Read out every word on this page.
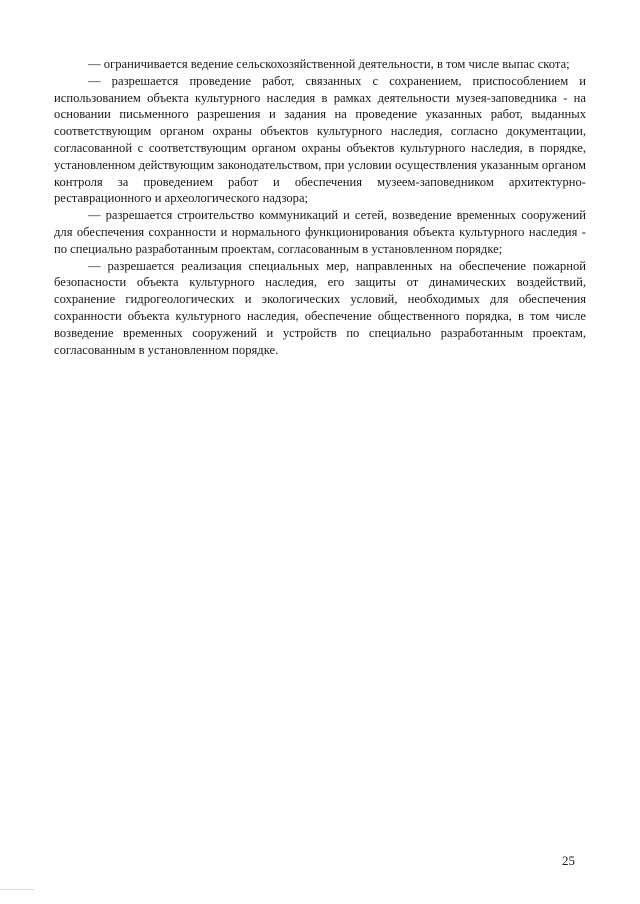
— ограничивается ведение сельскохозяйственной деятельности, в том числе выпас скота;

— разрешается проведение работ, связанных с сохранением, приспособлением и использованием объекта культурного наследия в рамках деятельности музея-заповедника - на основании письменного разрешения и задания на проведение указанных работ, выданных соответствующим органом охраны объектов культурного наследия, согласно документации, согласованной с соответствующим органом охраны объектов культурного наследия, в порядке, установленном действующим законодательством, при условии осуществления указанным органом контроля за проведением работ и обеспечения музеем-заповедником архитектурно-реставрационного и археологического надзора;

— разрешается строительство коммуникаций и сетей, возведение временных сооружений для обеспечения сохранности и нормального функционирования объекта культурного наследия - по специально разработанным проектам, согласованным в установленном порядке;

— разрешается реализация специальных мер, направленных на обеспечение пожарной безопасности объекта культурного наследия, его защиты от динамических воздействий, сохранение гидрогеологических и экологических условий, необходимых для обеспечения сохранности объекта культурного наследия, обеспечение общественного порядка, в том числе возведение временных сооружений и устройств по специально разработанным проектам, согласованным в установленном порядке.

25
